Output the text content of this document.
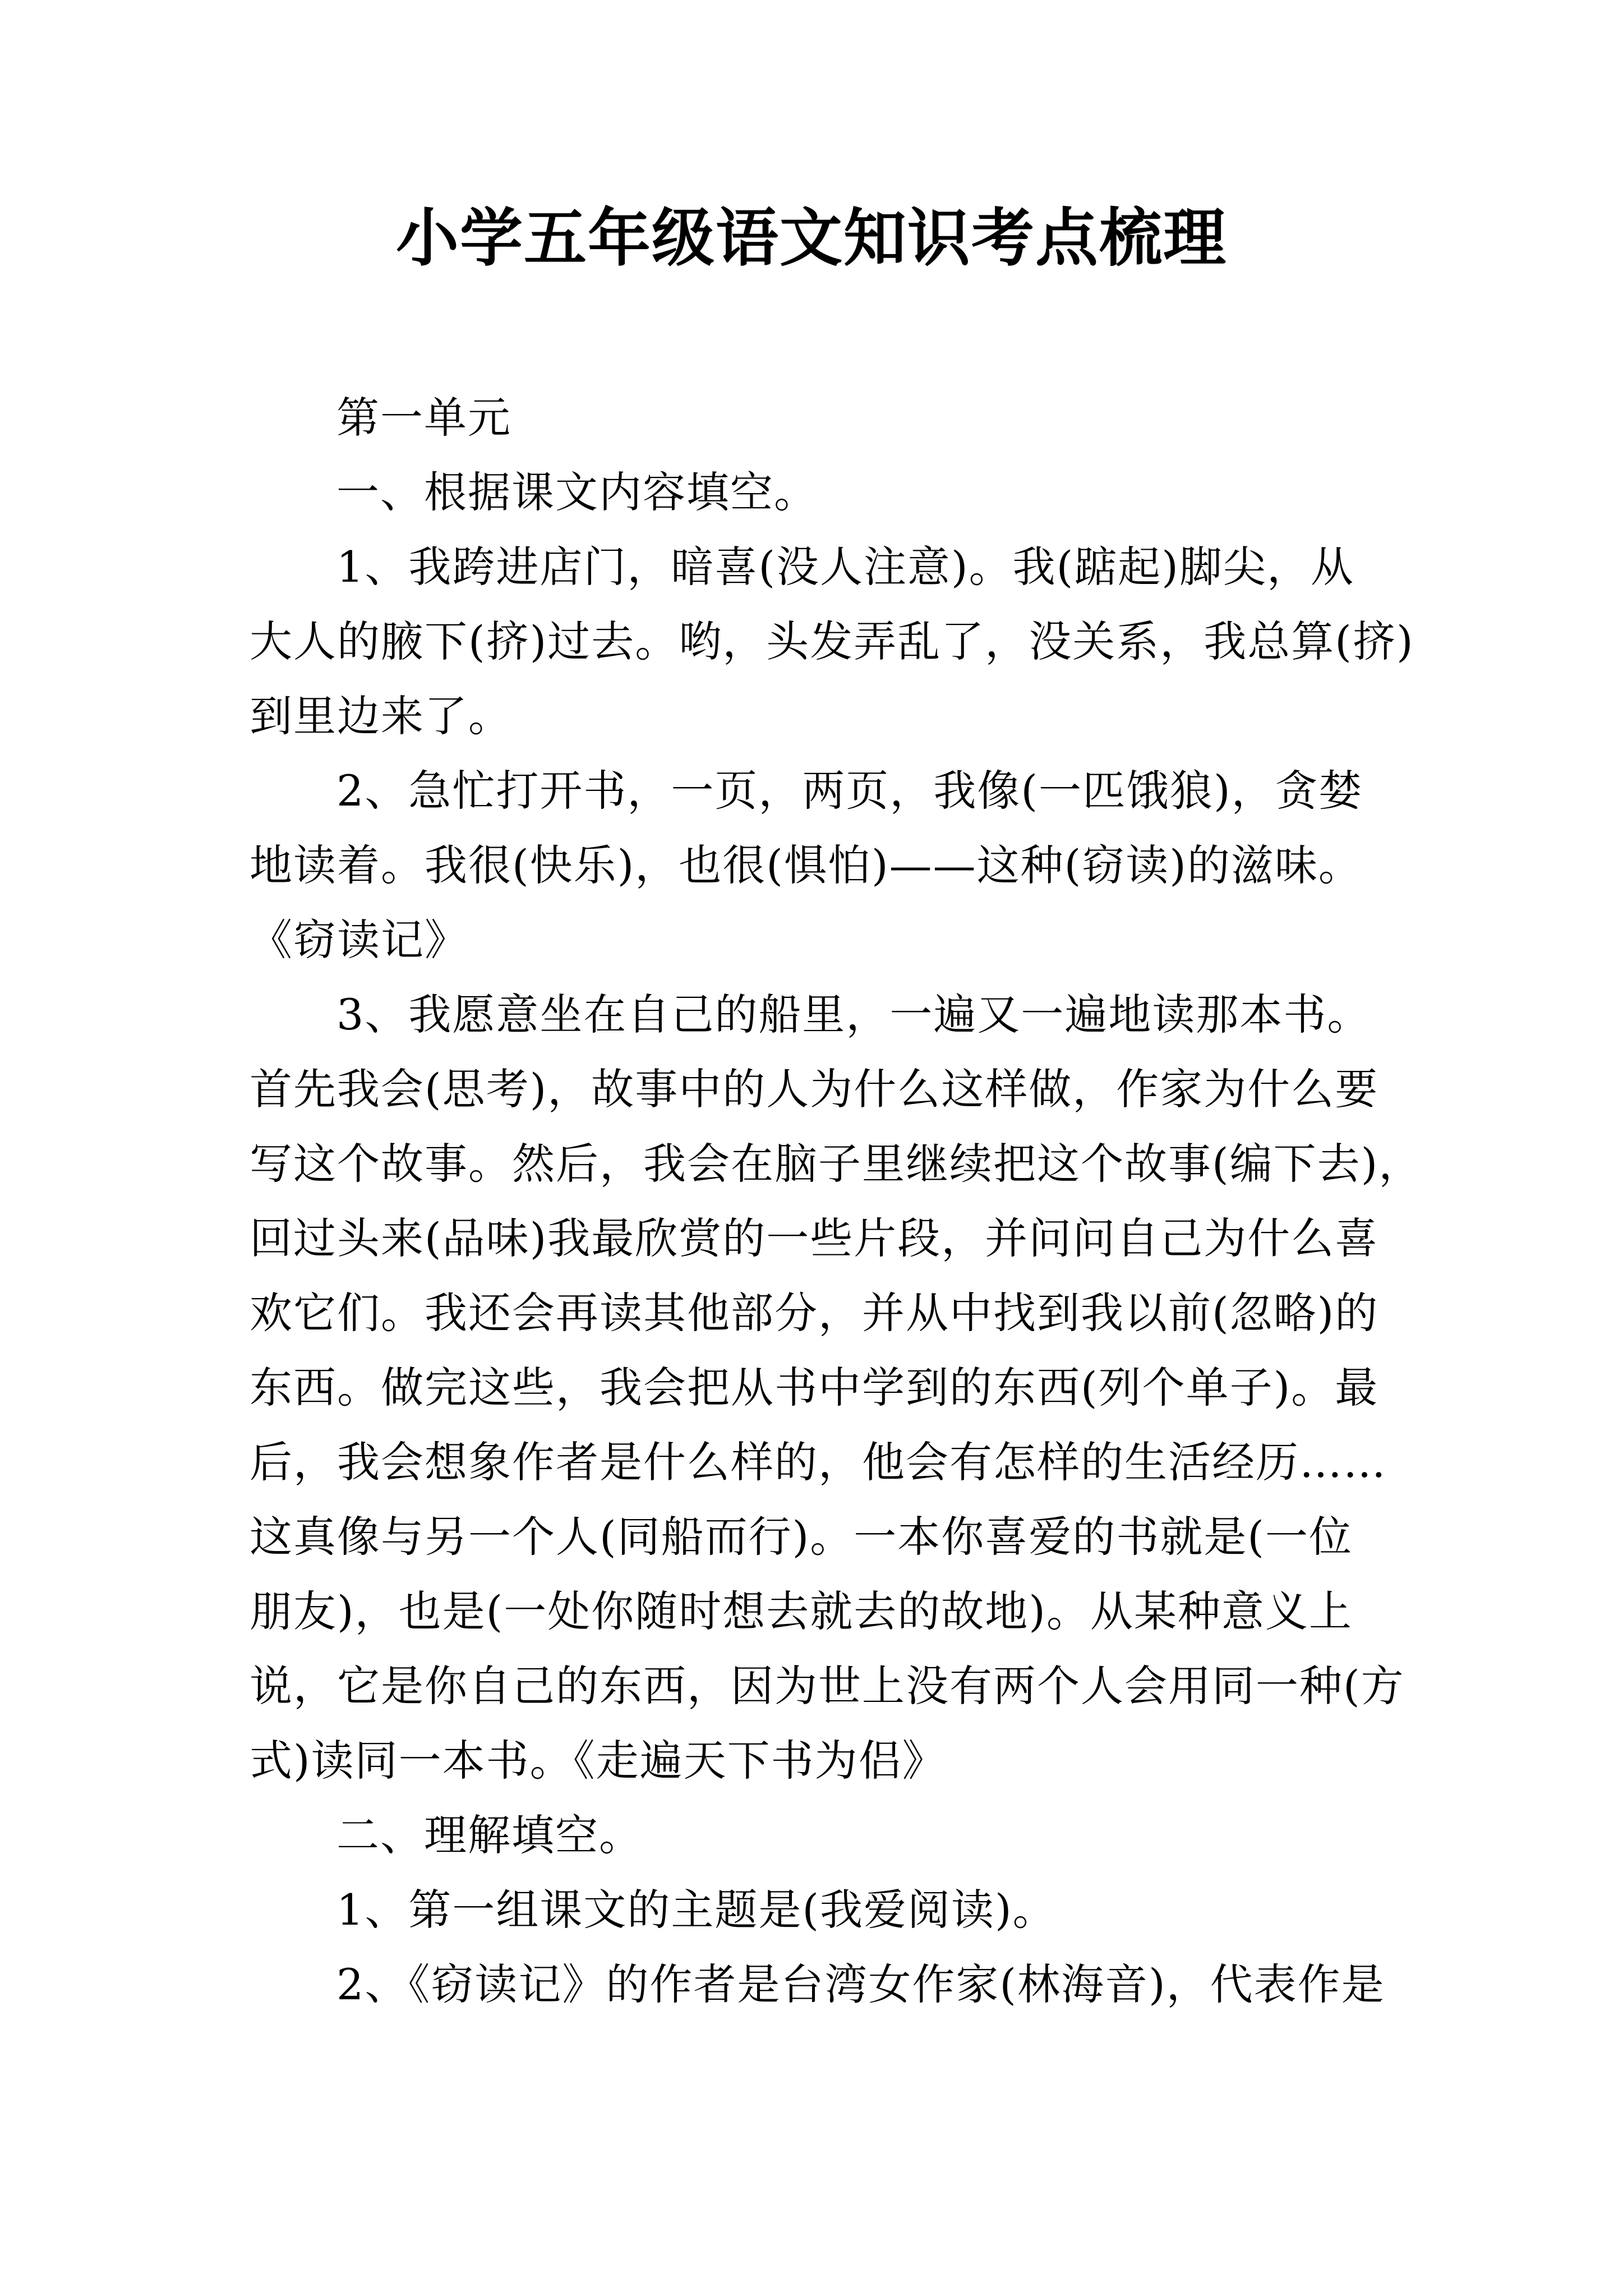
小学五年级语文知识考点梳理

第一单元

一、根据课文内容填空。

1、我跨进店门，暗喜(没人注意)。我(踮起)脚尖，从
大人的腋下(挤)过去。哟，头发弄乱了，没关系，我总算(挤)
到里边来了。

2、急忙打开书，一页，两页，我像(一匹饿狼)，贪婪
地读着。我很(快乐)，也很(惧怕)——这种(窃读)的滋味。
《窃读记》

3、我愿意坐在自己的船里，一遍又一遍地读那本书。
首先我会(思考)，故事中的人为什么这样做，作家为什么要
写这个故事。然后，我会在脑子里继续把这个故事(编下去)，
回过头来(品味)我最欣赏的一些片段，并问问自己为什么喜
欢它们。我还会再读其他部分，并从中找到我以前(忽略)的
东西。做完这些，我会把从书中学到的东西(列个单子)。最
后，我会想象作者是什么样的，他会有怎样的生活经历……
这真像与另一个人(同船而行)。一本你喜爱的书就是(一位
朋友)，也是(一处你随时想去就去的故地)。从某种意义上
说，它是你自己的东西，因为世上没有两个人会用同一种(方
式)读同一本书。《走遍天下书为侣》

二、理解填空。

1、第一组课文的主题是(我爱阅读)。

2、《窃读记》的作者是台湾女作家(林海音)，代表作是
